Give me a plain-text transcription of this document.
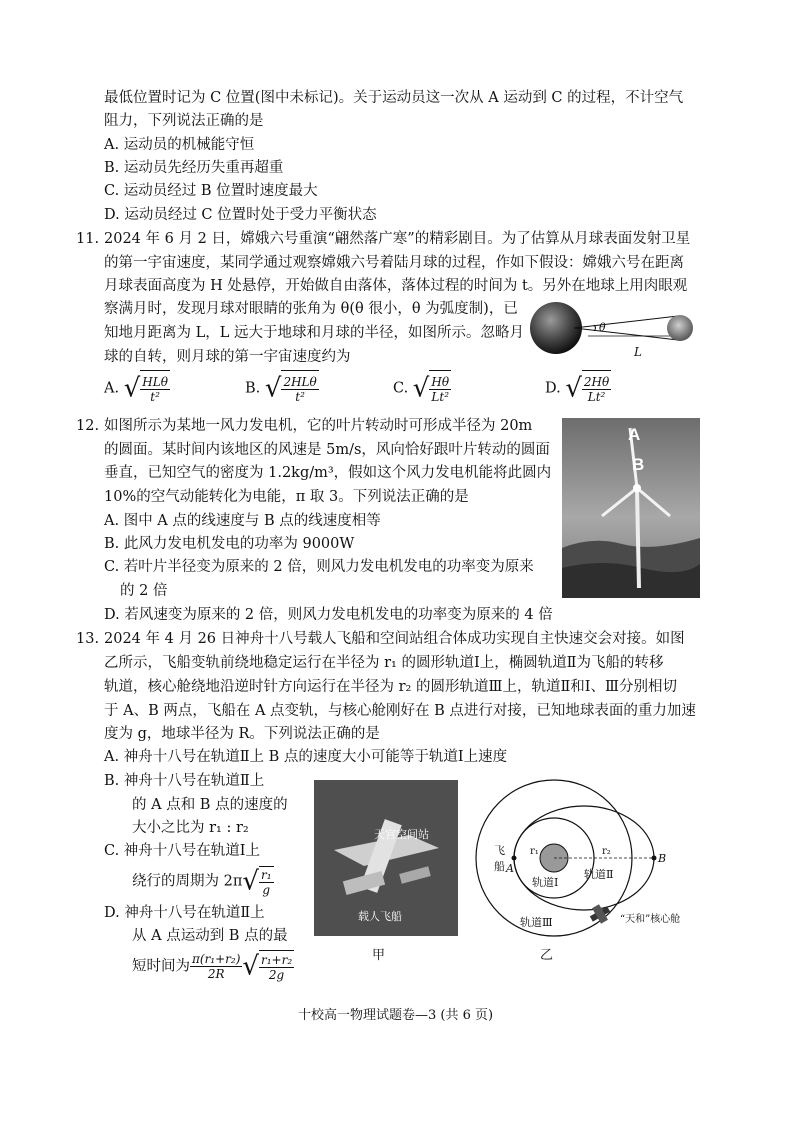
最低位置时记为 C 位置(图中未标记)。关于运动员这一次从 A 运动到 C 的过程，不计空气
阻力，下列说法正确的是
A. 运动员的机械能守恒
B. 运动员先经历失重再超重
C. 运动员经过 B 位置时速度最大
D. 运动员经过 C 位置时处于受力平衡状态
11. 2024 年 6 月 2 日，嫦娥六号重演“翩然落广寒”的精彩剧目。为了估算从月球表面发射卫星
的第一宇宙速度，某同学通过观察嫦娥六号着陆月球的过程，作如下假设：嫦娥六号在距离
月球表面高度为 H 处悬停，开始做自由落体，落体过程的时间为 t。另外在地球上用肉眼观
察满月时，发现月球对眼睛的张角为 θ(θ 很小，θ 为弧度制)，已
知地月距离为 L，L 远大于地球和月球的半径，如图所示。忽略月
球的自转，则月球的第一宇宙速度约为
θ
L
A. √ $\frac{\text{HLθ}}{\text{t²}}$	B. √ $\frac{\text{2HLθ}}{\text{t²}}$	C. √ $\frac{H\theta}{\text{Lt²}}$	D. √ $\frac{2H\theta}{\text{Lt²}}$
12. 如图所示为某地一风力发电机，它的叶片转动时可形成半径为 20m
的圆面。某时间内该地区的风速是 5m/s，风向恰好跟叶片转动的圆面
垂直，已知空气的密度为 1.2kg/m³，假如这个风力发电机能将此圆内
10%的空气动能转化为电能，π 取 3。下列说法正确的是
A. 图中 A 点的线速度与 B 点的线速度相等
B. 此风力发电机发电的功率为 9000W
C. 若叶片半径变为原来的 2 倍，则风力发电机发电的功率变为原来
的 2 倍
D. 若风速变为原来的 2 倍，则风力发电机发电的功率变为原来的 4 倍
A
B
13. 2024 年 4 月 26 日神舟十八号载人飞船和空间站组合体成功实现自主快速交会对接。如图
乙所示，飞船变轨前绕地稳定运行在半径为 r₁ 的圆形轨道Ⅰ上，椭圆轨道Ⅱ为飞船的转移
轨道，核心舱绕地沿逆时针方向运行在半径为 r₂ 的圆形轨道Ⅲ上，轨道Ⅱ和Ⅰ、Ⅲ分别相切
于 A、B 两点，飞船在 A 点变轨，与核心舱刚好在 B 点进行对接，已知地球表面的重力加速
度为 g，地球半径为 R。下列说法正确的是
A. 神舟十八号在轨道Ⅱ上 B 点的速度大小可能等于轨道Ⅰ上速度
B. 神舟十八号在轨道Ⅱ上
的 A 点和 B 点的速度的
大小之比为 r₁ : r₂
C. 神舟十八号在轨道Ⅰ上
绕行的周期为 $2\pi√ \frac{\text{r₁}}{g}$
D. 神舟十八号在轨道Ⅱ上
从 A 点运动到 B 点的最
短时间为 $\frac{\text{π(r₁+r₂)}}{2R}$ √ $\frac{\text{r₁+r₂}}{2g}$
天宫空间站
载人飞船
甲
飞
船 A
B
r₁	r₂
轨道Ⅰ
轨道Ⅱ
轨道Ⅲ	“天和”核心舱
乙
十校高一物理试题卷—3 (共 6 页)
